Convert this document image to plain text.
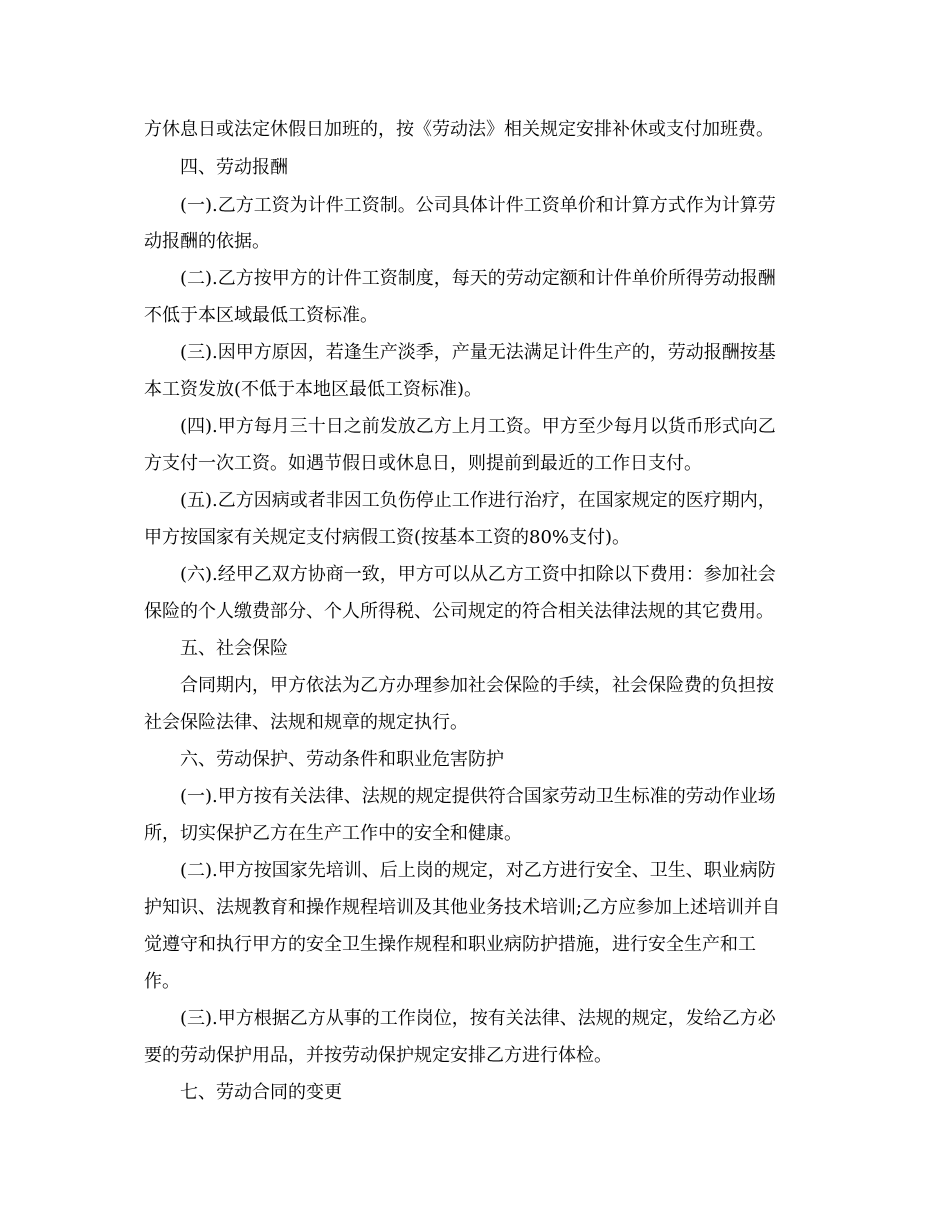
方休息日或法定休假日加班的，按《劳动法》相关规定安排补休或支付加班费。
四、劳动报酬
(一).乙方工资为计件工资制。公司具体计件工资单价和计算方式作为计算劳
动报酬的依据。
(二).乙方按甲方的计件工资制度，每天的劳动定额和计件单价所得劳动报酬
不低于本区域最低工资标准。
(三).因甲方原因，若逢生产淡季，产量无法满足计件生产的，劳动报酬按基
本工资发放(不低于本地区最低工资标准)。
(四).甲方每月三十日之前发放乙方上月工资。甲方至少每月以货币形式向乙
方支付一次工资。如遇节假日或休息日，则提前到最近的工作日支付。
(五).乙方因病或者非因工负伤停止工作进行治疗，在国家规定的医疗期内，
甲方按国家有关规定支付病假工资(按基本工资的80%支付)。
(六).经甲乙双方协商一致，甲方可以从乙方工资中扣除以下费用：参加社会
保险的个人缴费部分、个人所得税、公司规定的符合相关法律法规的其它费用。
五、社会保险
合同期内，甲方依法为乙方办理参加社会保险的手续，社会保险费的负担按
社会保险法律、法规和规章的规定执行。
六、劳动保护、劳动条件和职业危害防护
(一).甲方按有关法律、法规的规定提供符合国家劳动卫生标准的劳动作业场
所，切实保护乙方在生产工作中的安全和健康。
(二).甲方按国家先培训、后上岗的规定，对乙方进行安全、卫生、职业病防
护知识、法规教育和操作规程培训及其他业务技术培训;乙方应参加上述培训并自
觉遵守和执行甲方的安全卫生操作规程和职业病防护措施，进行安全生产和工
作。
(三).甲方根据乙方从事的工作岗位，按有关法律、法规的规定，发给乙方必
要的劳动保护用品，并按劳动保护规定安排乙方进行体检。
七、劳动合同的变更
